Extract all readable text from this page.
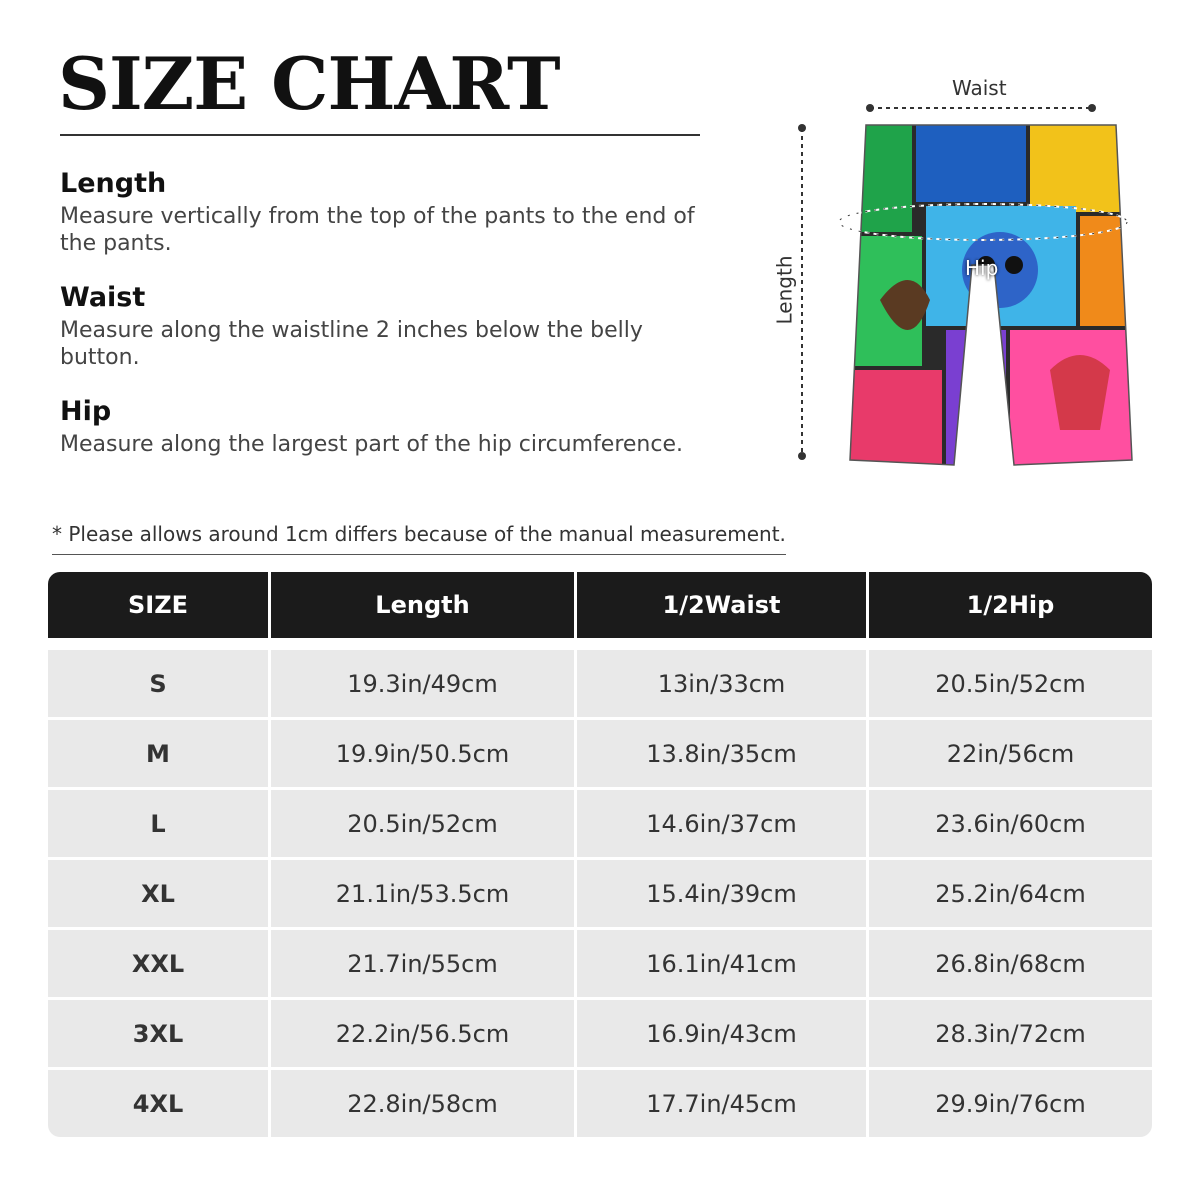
SIZE CHART
Length

Measure vertically from the top of the pants to the end of the pants.

Waist

Measure along the waistline 2 inches below the belly button.

Hip

Measure along the largest part of the hip circumference.

Waist
Hip
Length
* Please allows around 1cm differs because of the manual measurement.
SIZE	Length	1/2Waist	1/2Hip
S	19.3in/49cm	13in/33cm	20.5in/52cm
M	19.9in/50.5cm	13.8in/35cm	22in/56cm
L	20.5in/52cm	14.6in/37cm	23.6in/60cm
XL	21.1in/53.5cm	15.4in/39cm	25.2in/64cm
XXL	21.7in/55cm	16.1in/41cm	26.8in/68cm
3XL	22.2in/56.5cm	16.9in/43cm	28.3in/72cm
4XL	22.8in/58cm	17.7in/45cm	29.9in/76cm
